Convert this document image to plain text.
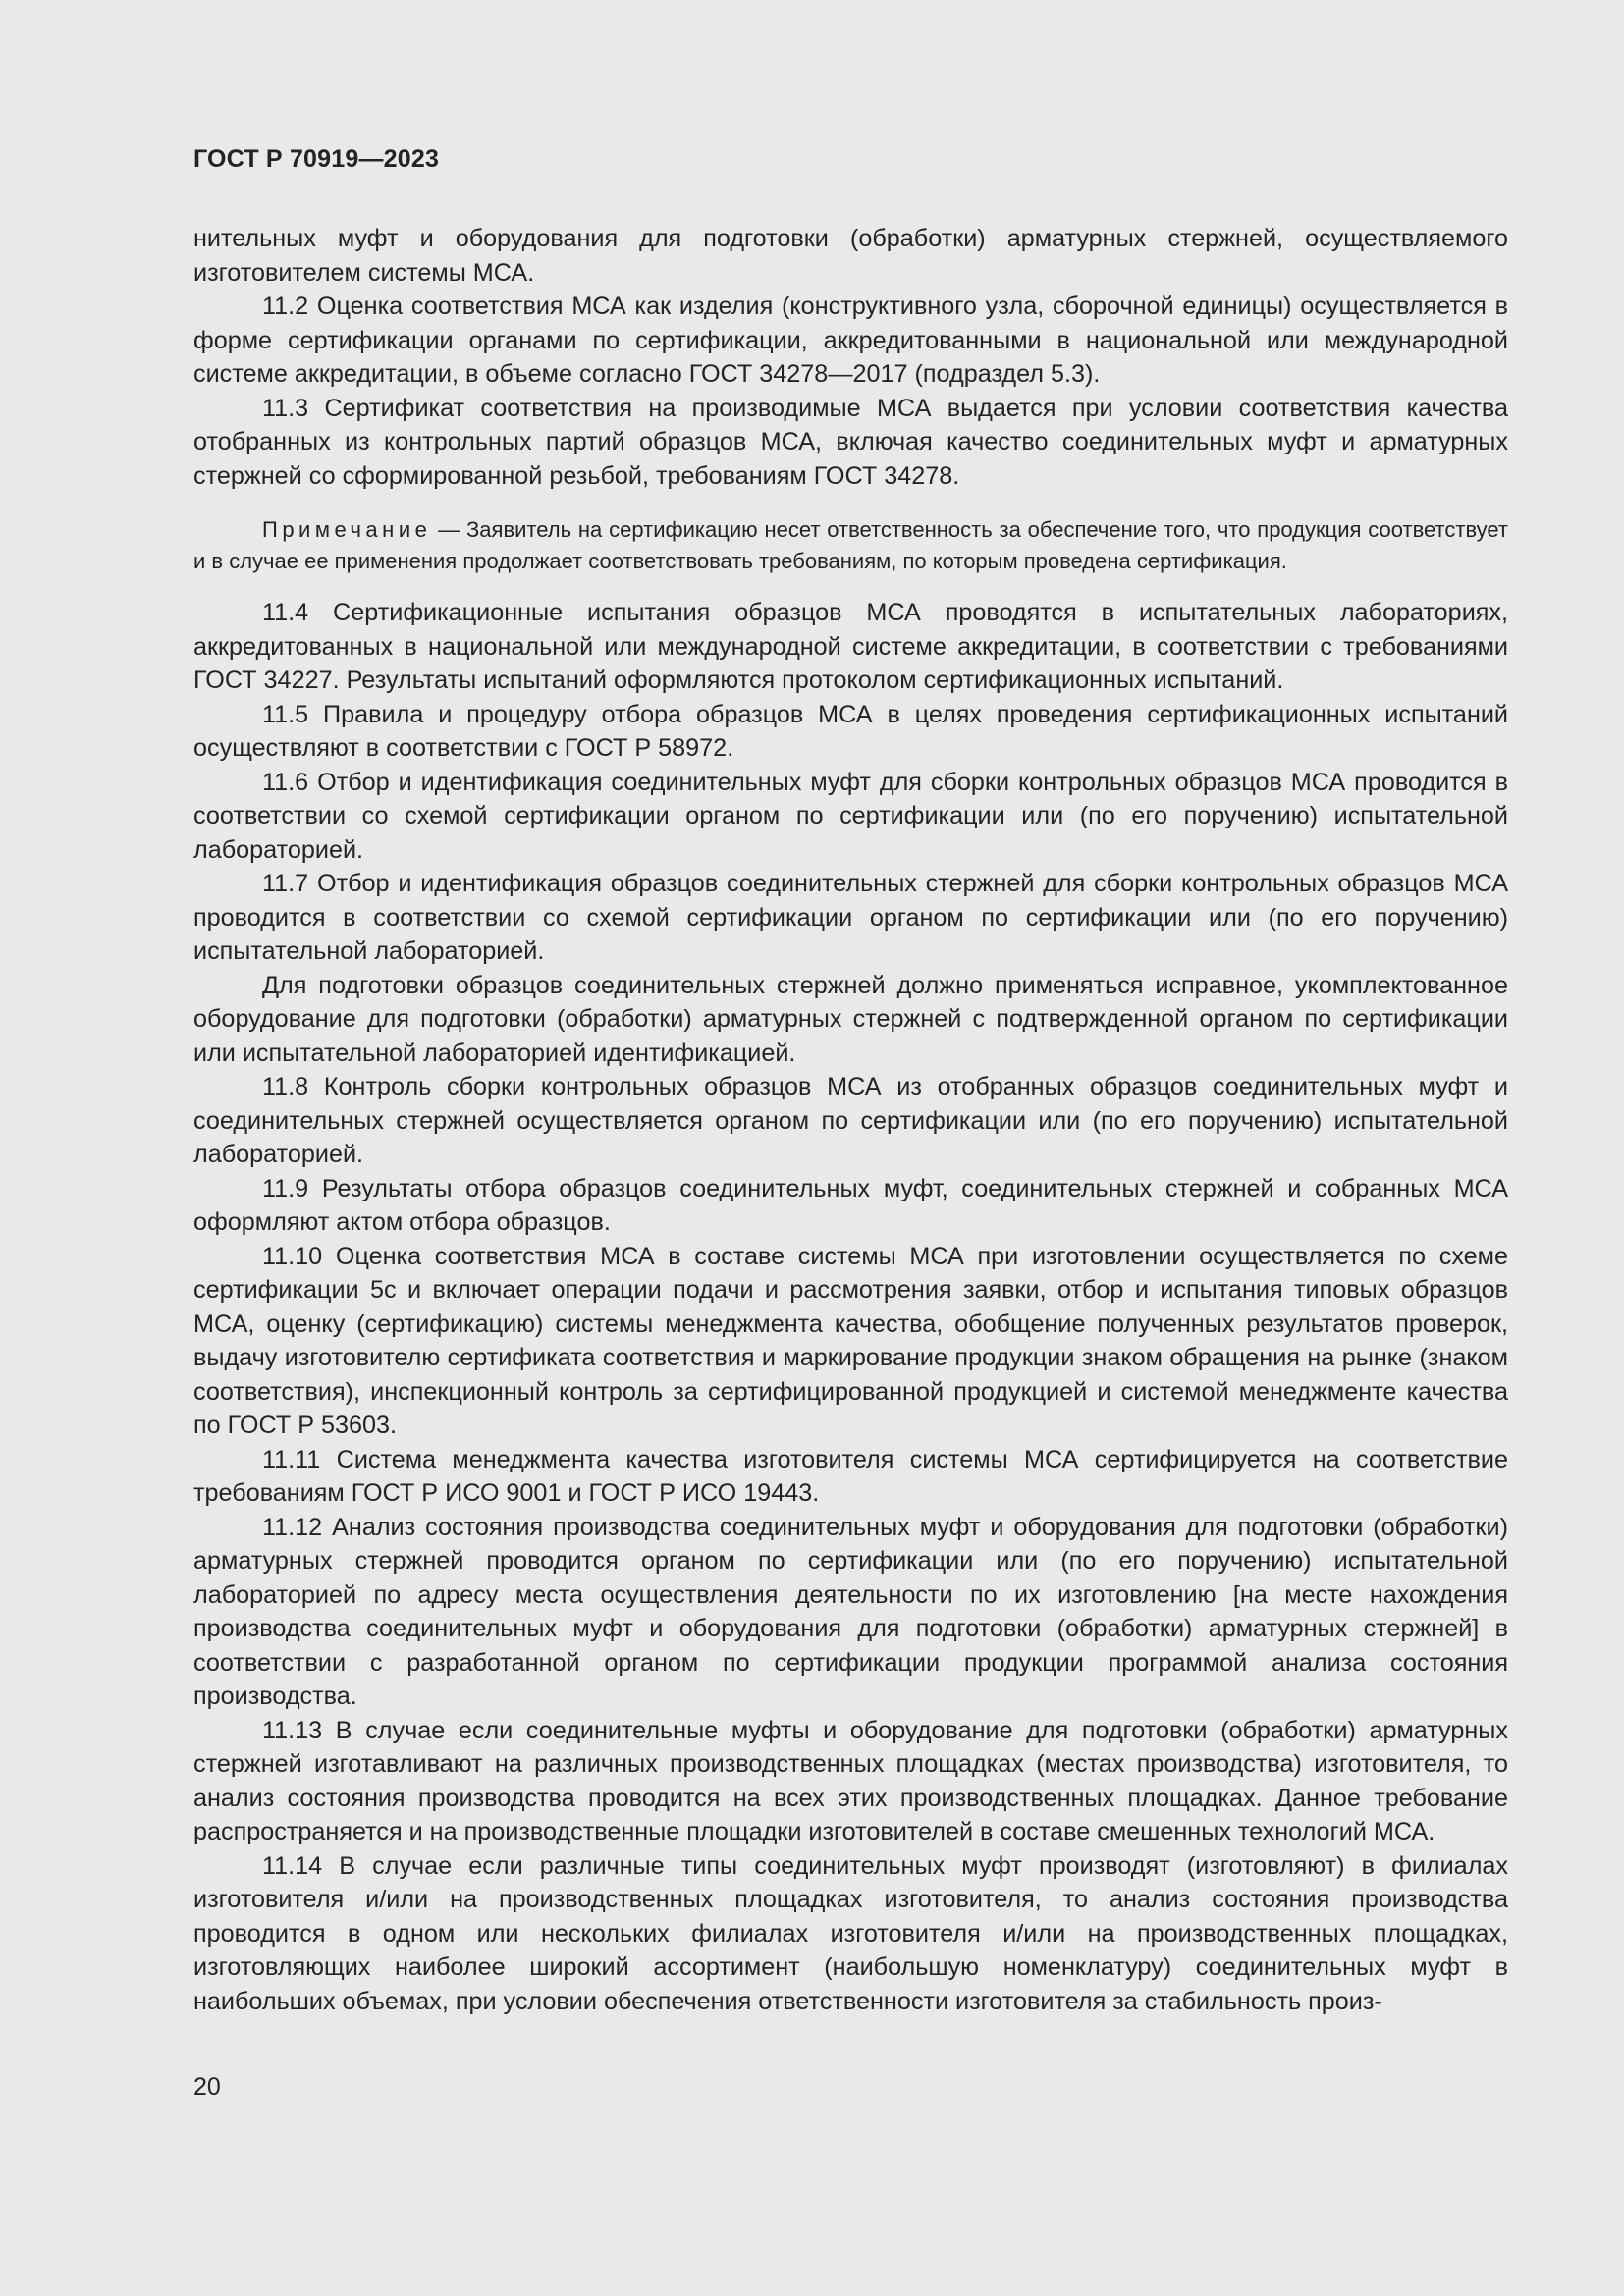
ГОСТ Р 70919—2023

нительных муфт и оборудования для подготовки (обработки) арматурных стержней, осуществляемого изготовителем системы МСА.

11.2 Оценка соответствия МСА как изделия (конструктивного узла, сборочной единицы) осуществляется в форме сертификации органами по сертификации, аккредитованными в национальной или международной системе аккредитации, в объеме согласно ГОСТ 34278—2017 (подраздел 5.3).

11.3 Сертификат соответствия на производимые МСА выдается при условии соответствия качества отобранных из контрольных партий образцов МСА, включая качество соединительных муфт и арматурных стержней со сформированной резьбой, требованиям ГОСТ 34278.

Примечание — Заявитель на сертификацию несет ответственность за обеспечение того, что продукция соответствует и в случае ее применения продолжает соответствовать требованиям, по которым проведена сертификация.

11.4 Сертификационные испытания образцов МСА проводятся в испытательных лабораториях, аккредитованных в национальной или международной системе аккредитации, в соответствии с требованиями ГОСТ 34227. Результаты испытаний оформляются протоколом сертификационных испытаний.

11.5 Правила и процедуру отбора образцов МСА в целях проведения сертификационных испытаний осуществляют в соответствии с ГОСТ Р 58972.

11.6 Отбор и идентификация соединительных муфт для сборки контрольных образцов МСА проводится в соответствии со схемой сертификации органом по сертификации или (по его поручению) испытательной лабораторией.

11.7 Отбор и идентификация образцов соединительных стержней для сборки контрольных образцов МСА проводится в соответствии со схемой сертификации органом по сертификации или (по его поручению) испытательной лабораторией.

Для подготовки образцов соединительных стержней должно применяться исправное, укомплектованное оборудование для подготовки (обработки) арматурных стержней с подтвержденной органом по сертификации или испытательной лабораторией идентификацией.

11.8 Контроль сборки контрольных образцов МСА из отобранных образцов соединительных муфт и соединительных стержней осуществляется органом по сертификации или (по его поручению) испытательной лабораторией.

11.9 Результаты отбора образцов соединительных муфт, соединительных стержней и собранных МСА оформляют актом отбора образцов.

11.10 Оценка соответствия МСА в составе системы МСА при изготовлении осуществляется по схеме сертификации 5с и включает операции подачи и рассмотрения заявки, отбор и испытания типовых образцов МСА, оценку (сертификацию) системы менеджмента качества, обобщение полученных результатов проверок, выдачу изготовителю сертификата соответствия и маркирование продукции знаком обращения на рынке (знаком соответствия), инспекционный контроль за сертифицированной продукцией и системой менеджменте качества по ГОСТ Р 53603.

11.11 Система менеджмента качества изготовителя системы МСА сертифицируется на соответствие требованиям ГОСТ Р ИСО 9001 и ГОСТ Р ИСО 19443.

11.12 Анализ состояния производства соединительных муфт и оборудования для подготовки (обработки) арматурных стержней проводится органом по сертификации или (по его поручению) испытательной лабораторией по адресу места осуществления деятельности по их изготовлению [на месте нахождения производства соединительных муфт и оборудования для подготовки (обработки) арматурных стержней] в соответствии с разработанной органом по сертификации продукции программой анализа состояния производства.

11.13 В случае если соединительные муфты и оборудование для подготовки (обработки) арматурных стержней изготавливают на различных производственных площадках (местах производства) изготовителя, то анализ состояния производства проводится на всех этих производственных площадках. Данное требование распространяется и на производственные площадки изготовителей в составе смешенных технологий МСА.

11.14 В случае если различные типы соединительных муфт производят (изготовляют) в филиалах изготовителя и/или на производственных площадках изготовителя, то анализ состояния производства проводится в одном или нескольких филиалах изготовителя и/или на производственных площадках, изготовляющих наиболее широкий ассортимент (наибольшую номенклатуру) соединительных муфт в наибольших объемах, при условии обеспечения ответственности изготовителя за стабильность произ-

20
